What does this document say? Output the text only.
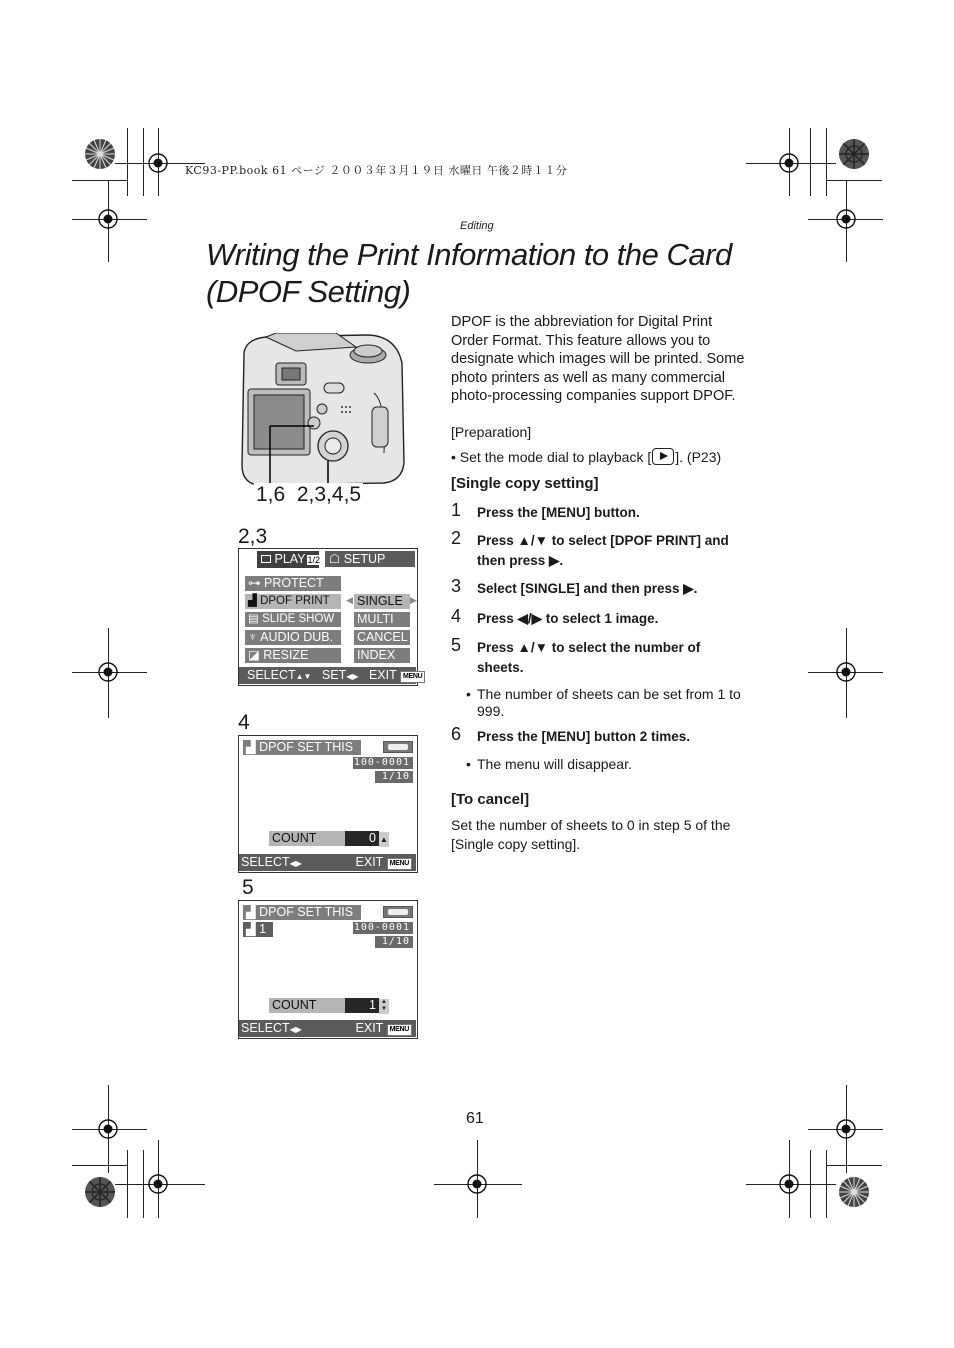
KC93-PP.book 61 ページ ２００３年３月１９日 水曜日 午後２時１１分
Editing
Writing the Print Information to the Card (DPOF Setting)
1,6  2,3,4,5
2,3
PLAY 1/2 ☖ SETUP
⊶ PROTECT
▟ DPOF PRINT
▤ SLIDE SHOW
♆ AUDIO DUB.
◪ RESIZE
◀ SINGLE ▶
MULTI
CANCEL
INDEX
SELECT▲▼ SET◀▶ EXIT MENU
4
▟ DPOF SET THIS
100-0001
1/10
COUNT	0 ▲
SELECT◀▶	EXIT MENU
5
▟ DPOF SET THIS
▟ 1	100-0001
1/10
COUNT	1 ▲
▼
SELECT◀▶	EXIT MENU
DPOF is the abbreviation for Digital Print Order Format. This feature allows you to designate which images will be printed. Some photo printers as well as many commercial photo-processing companies support DPOF.
[Preparation]
• Set the mode dial to playback [ ]. (P23)
[Single copy setting]
1 Press the [MENU] button.
2 Press ▲/▼ to select [DPOF PRINT] and then press ▶.
3 Select [SINGLE] and then press ▶.
4 Press ◀/▶ to select 1 image.
5 Press ▲/▼ to select the number of sheets.
• The number of sheets can be set from 1 to 999.
6 Press the [MENU] button 2 times.
• The menu will disappear.
[To cancel]
Set the number of sheets to 0 in step 5 of the [Single copy setting].
61
